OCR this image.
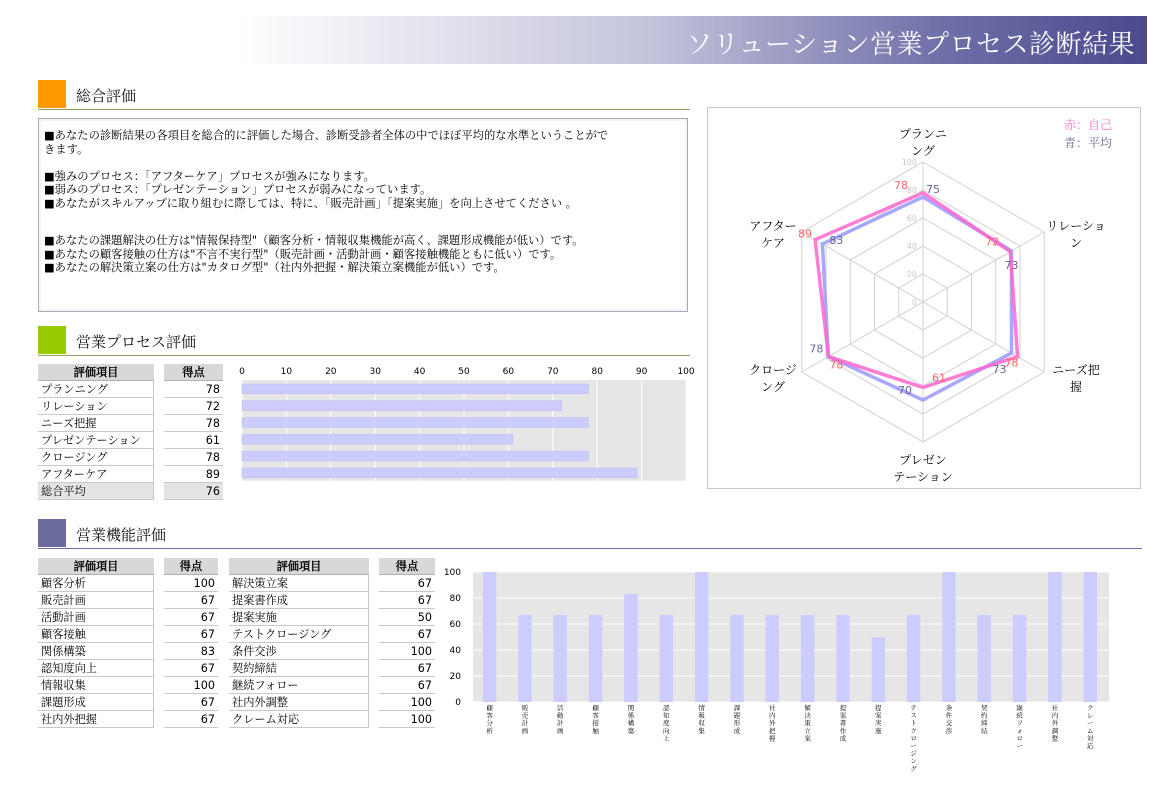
ソリューション営業プロセス診断結果
総合評価

■あなたの診断結果の各項目を総合的に評価した場合、診断受診者全体の中でほぼ平均的な水準ということがで

きます。

■強みのプロセス：「アフターケア」プロセスが強みになります。

■弱みのプロセス：「プレゼンテーション」プロセスが弱みになっています。

■あなたがスキルアップに取り組むに際しては、特に、「販売計画」「提案実施」を向上させてください 。

■あなたの課題解決の仕方は"情報保持型"（顧客分析・情報収集機能が高く、課題形成機能が低い）です。

■あなたの顧客接触の仕方は"不言不実行型"（販売計画・活動計画・顧客接触機能ともに低い）です。

■あなたの解決策立案の仕方は"カタログ型"（社内外把握・解決策立案機能が低い）です。

営業プロセス評価
評価項目		得点
プランニング		78
リレーション		72
ニーズ把握		78
プレゼンテーション		61
クロージング		78
アフターケア		89
総合平均		76
0	10	20	30	40	50	60	70	80	90	100
0
20
40
60
80
100
78
72
78
61
78
89
75
73
73
70
78
83
プランニ
ング
リレーショ
ン
ニーズ把
握
プレゼン
テーション
クロージ
ング
アフター
ケア
赤：自己
青：平均
営業機能評価
評価項目		得点
顧客分析		100
販売計画		67
活動計画		67
顧客接触		67
関係構築		83
認知度向上		67
情報収集		100
課題形成		67
社内外把握		67
評価項目		得点
解決策立案		67
提案書作成		67
提案実施		50
テストクロージング		67
条件交渉		100
契約締結		67
継続フォロー		67
社内外調整		100
クレーム対応		100
0
20
40
60
80
100
顧客分析
販売計画
活動計画
顧客接触
関係構築
認知度向上
情報収集
課題形成
社内外把握
解決策立案
提案書作成
提案実施
テストクロージング
条件交渉
契約締結
継続フォロー
社内外調整
クレーム対応
